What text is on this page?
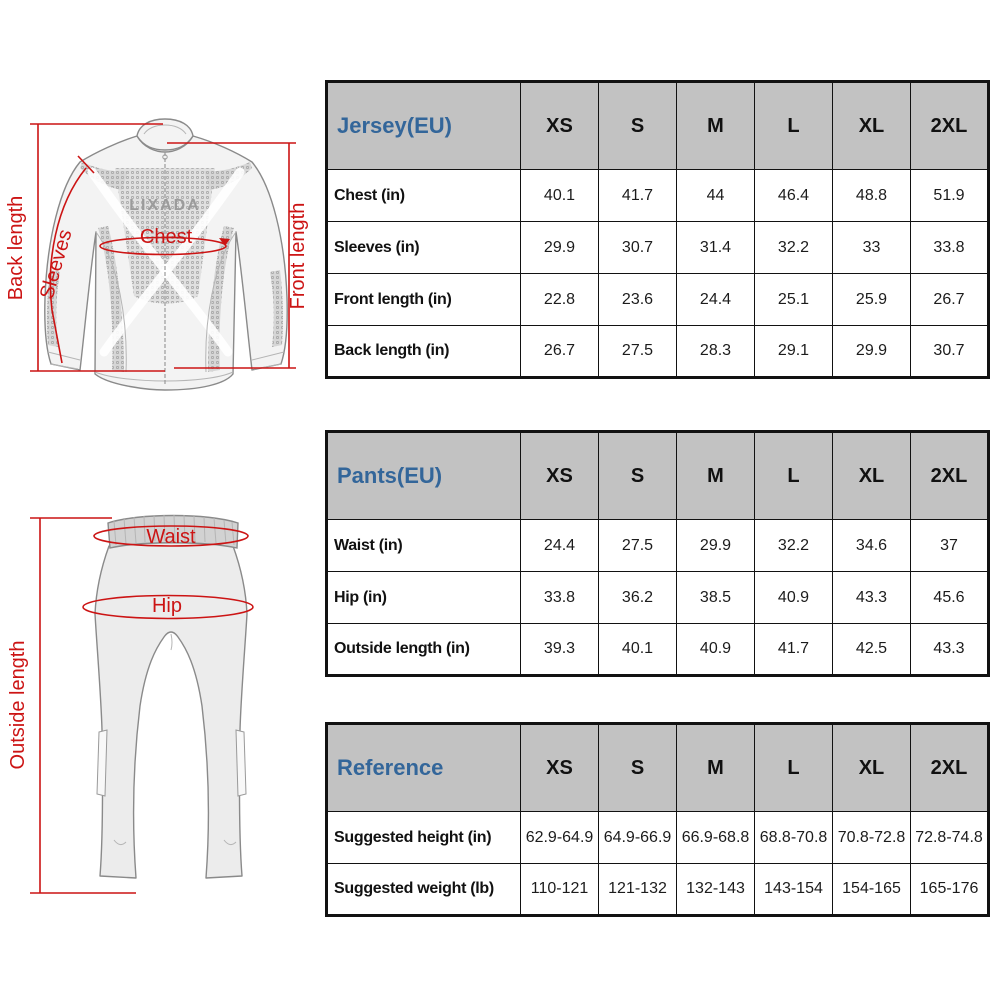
LIXADA
Back length Sleeves	Chest	Front length
Waist
Hip
Outside length
Jersey(EU)	XS	S	M	L	XL	2XL
Chest (in)	40.1	41.7	44	46.4	48.8	51.9
Sleeves (in)	29.9	30.7	31.4	32.2	33	33.8
Front length (in)	22.8	23.6	24.4	25.1	25.9	26.7
Back length (in)	26.7	27.5	28.3	29.1	29.9	30.7
Pants(EU)	XS	S	M	L	XL	2XL
Waist (in)	24.4	27.5	29.9	32.2	34.6	37
Hip (in)	33.8	36.2	38.5	40.9	43.3	45.6
Outside length (in)	39.3	40.1	40.9	41.7	42.5	43.3
Reference	XS	S	M	L	XL	2XL
Suggested height (in)	62.9-64.9	64.9-66.9	66.9-68.8	68.8-70.8	70.8-72.8	72.8-74.8
Suggested weight (lb)	110-121	121-132	132-143	143-154	154-165	165-176
